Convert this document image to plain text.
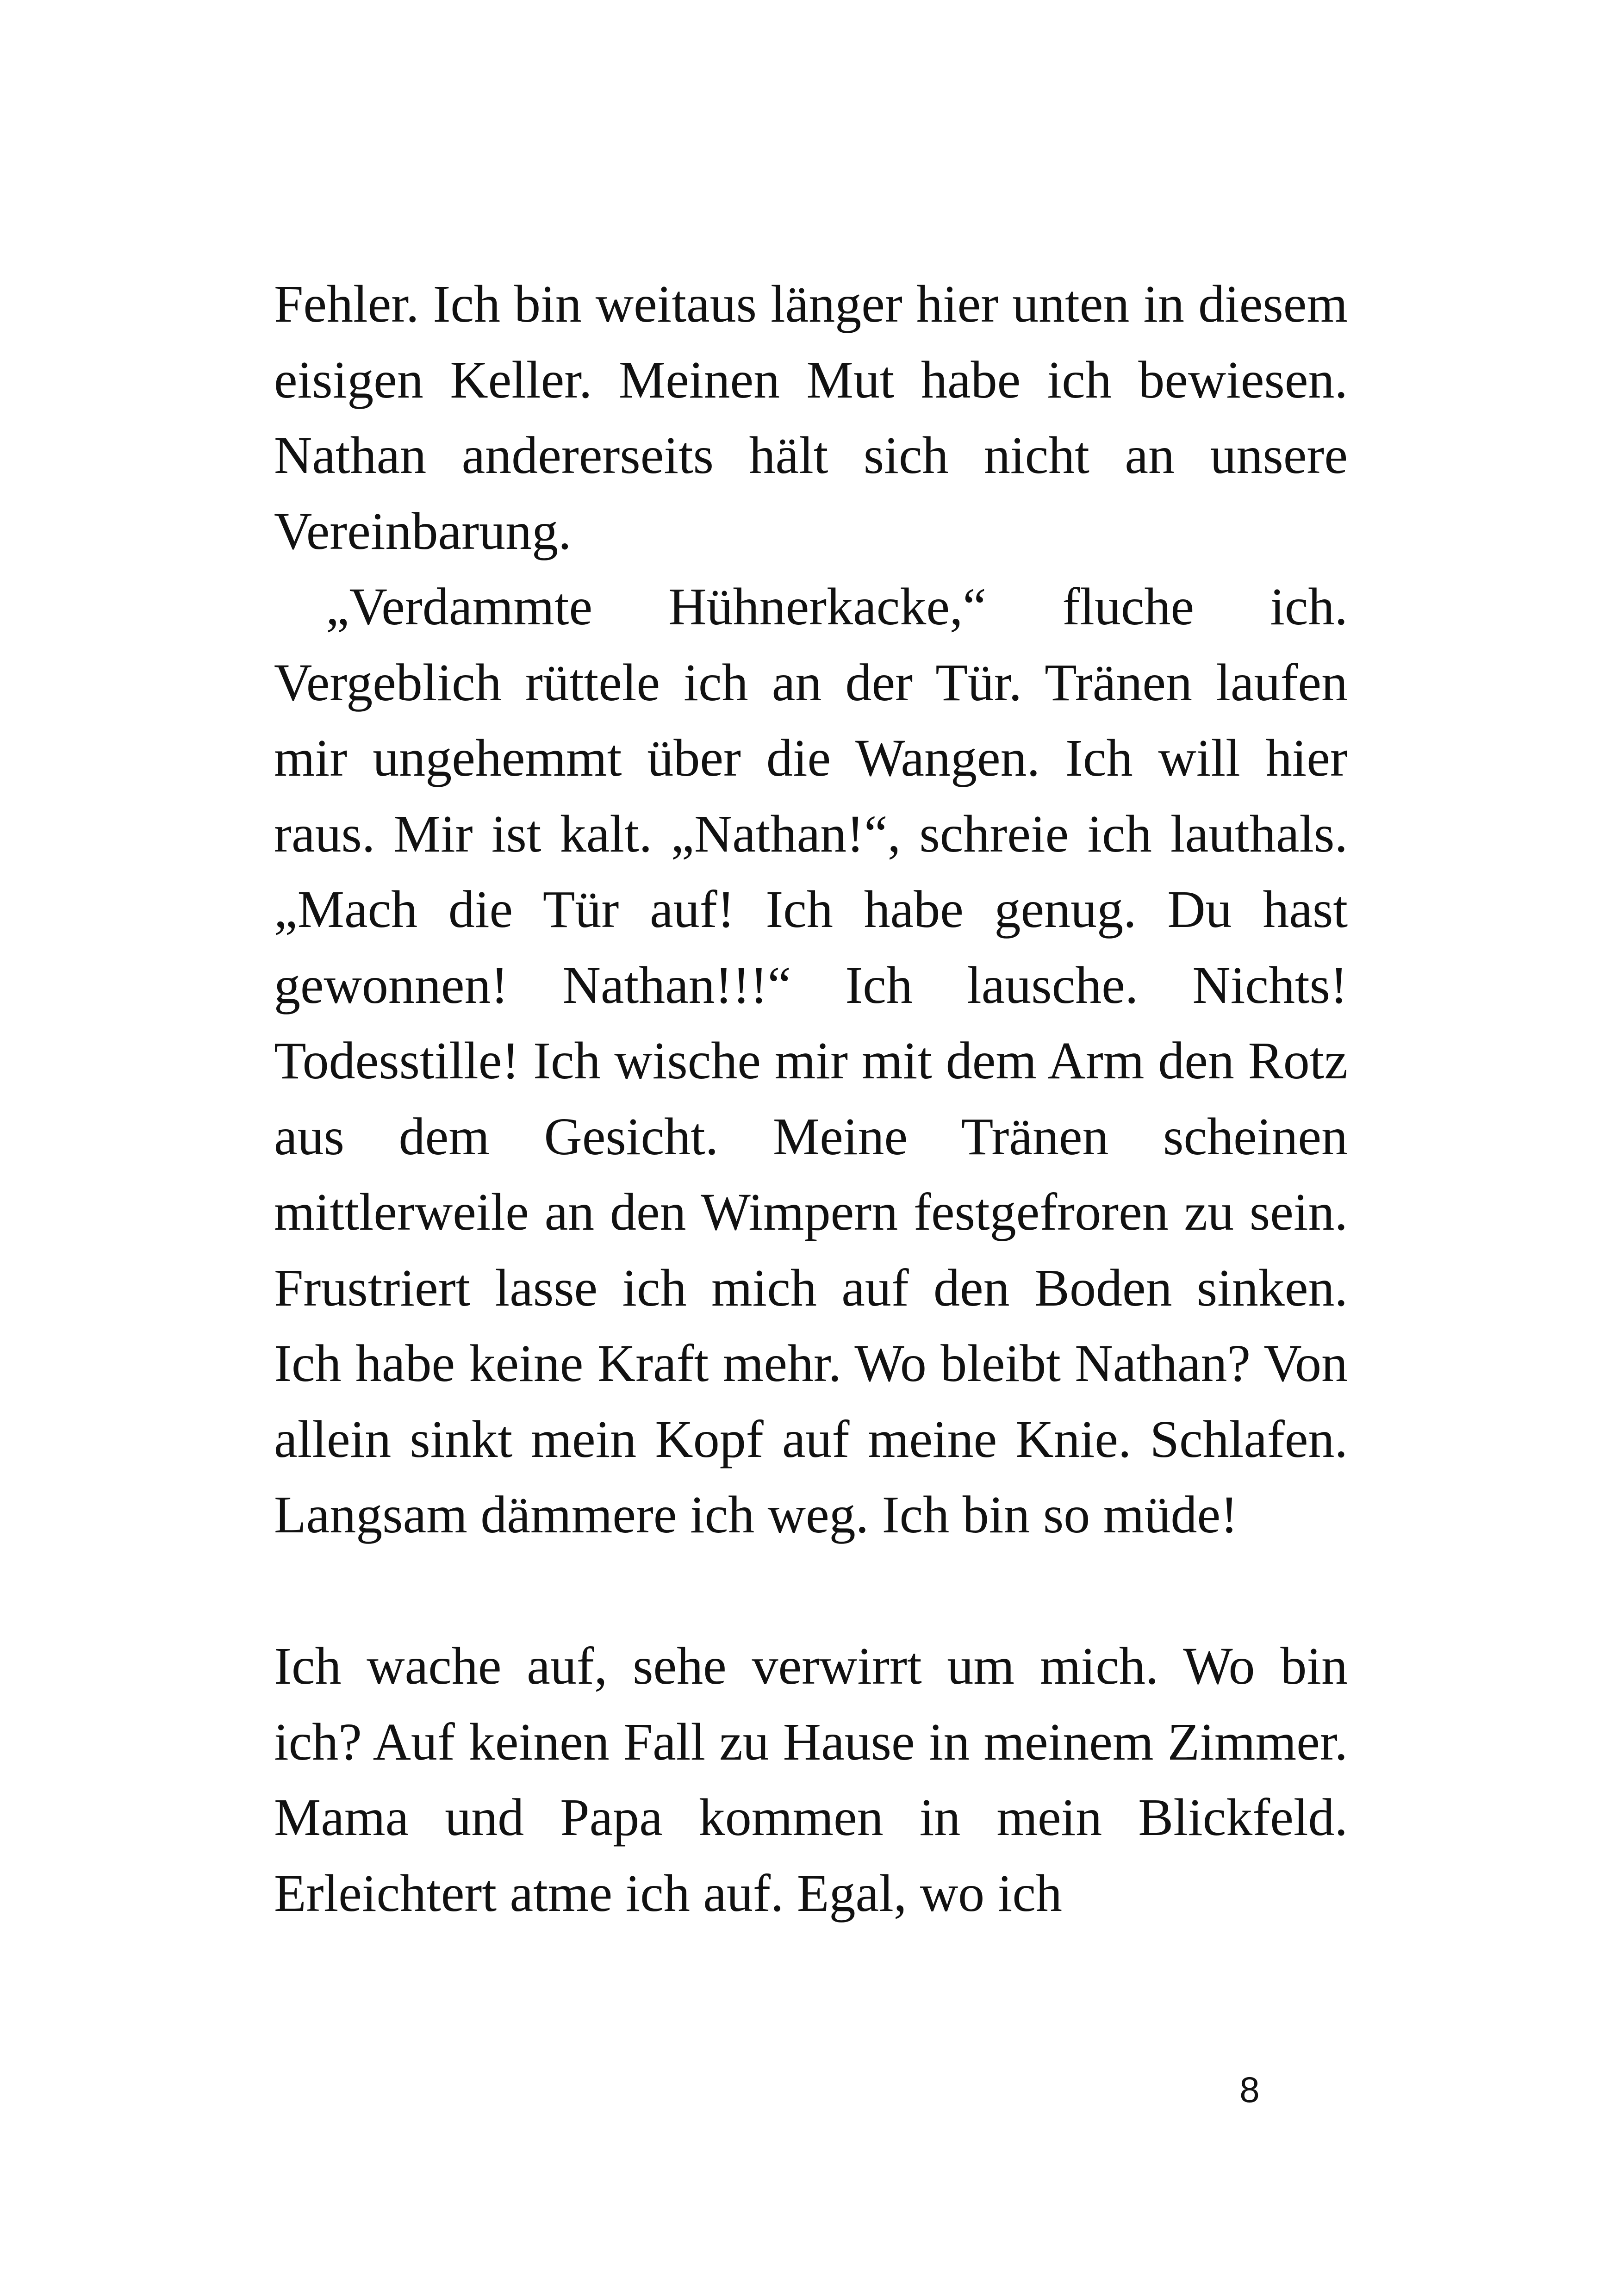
Fehler. Ich bin weitaus länger hier unten in diesem eisigen Keller. Meinen Mut habe ich bewiesen. Nathan andererseits hält sich nicht an unsere Vereinbarung.

„Verdammte Hühnerkacke,“ fluche ich. Vergeblich rüttele ich an der Tür. Tränen laufen mir ungehemmt über die Wangen. Ich will hier raus. Mir ist kalt. „Nathan!“, schreie ich lauthals. „Mach die Tür auf! Ich habe genug. Du hast gewonnen! Nathan!!!“ Ich lausche. Nichts! Todesstille! Ich wische mir mit dem Arm den Rotz aus dem Gesicht. Meine Tränen scheinen mittlerweile an den Wimpern festgefroren zu sein. Frustriert lasse ich mich auf den Boden sinken. Ich habe keine Kraft mehr. Wo bleibt Nathan? Von allein sinkt mein Kopf auf meine Knie. Schlafen. Langsam dämmere ich weg. Ich bin so müde!

Ich wache auf, sehe verwirrt um mich. Wo bin ich? Auf keinen Fall zu Hause in meinem Zimmer. Mama und Papa kommen in mein Blickfeld. Erleichtert atme ich auf. Egal, wo ich

8
